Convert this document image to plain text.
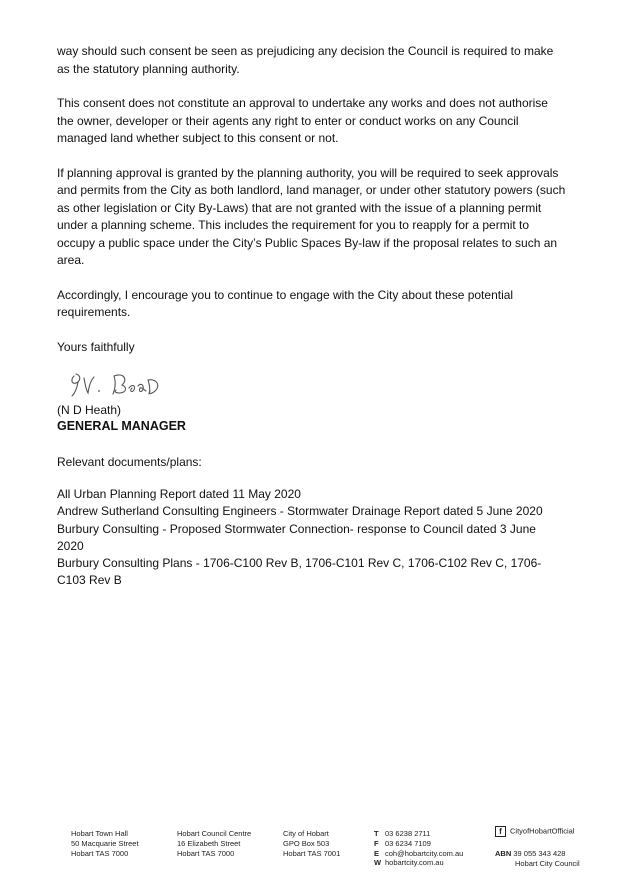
way should such consent be seen as prejudicing any decision the Council is required to make as the statutory planning authority.

This consent does not constitute an approval to undertake any works and does not authorise the owner, developer or their agents any right to enter or conduct works on any Council managed land whether subject to this consent or not.

If planning approval is granted by the planning authority, you will be required to seek approvals and permits from the City as both landlord, land manager, or under other statutory powers (such as other legislation or City By-Laws) that are not granted with the issue of a planning permit under a planning scheme. This includes the requirement for you to reapply for a permit to occupy a public space under the City’s Public Spaces By-law if the proposal relates to such an area.

Accordingly, I encourage you to continue to engage with the City about these potential requirements.

Yours faithfully

(N D Heath)
GENERAL MANAGER
Relevant documents/plans:
All Urban Planning Report dated 11 May 2020
Andrew Sutherland Consulting Engineers - Stormwater Drainage Report dated 5 June 2020
Burbury Consulting - Proposed Stormwater Connection- response to Council dated 3 June 2020
Burbury Consulting Plans - 1706-C100 Rev B, 1706-C101 Rev C, 1706-C102 Rev C, 1706-C103 Rev B
Hobart Town Hall
50 Macquarie Street
Hobart TAS 7000
Hobart Council Centre
16 Elizabeth Street
Hobart TAS 7000
City of Hobart
GPO Box 503
Hobart TAS 7001
T 03 6238 2711
F 03 6234 7109
E coh@hobartcity.com.au
W hobartcity.com.au
f CityofHobartOfficial
ABN 39 055 343 428
Hobart City Council
